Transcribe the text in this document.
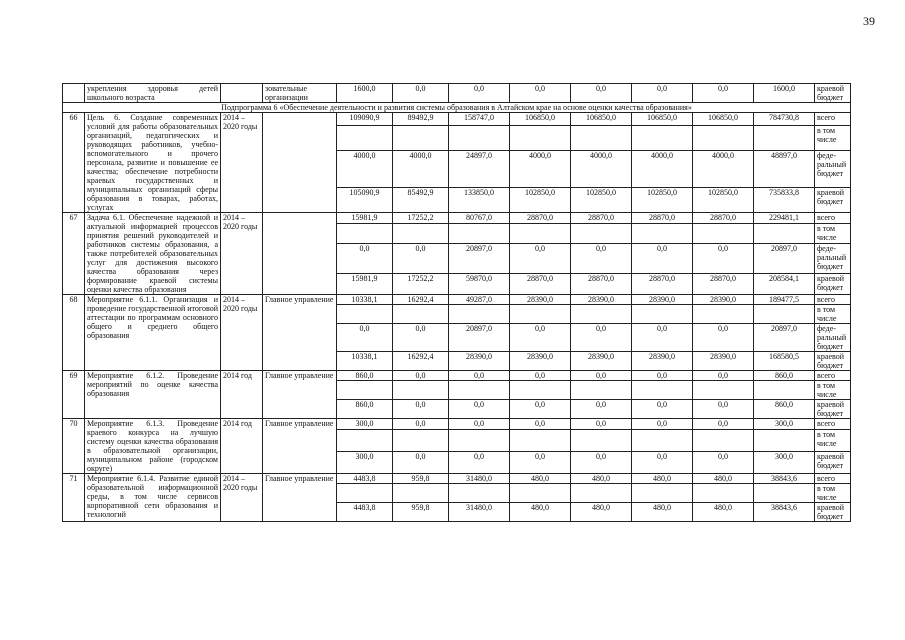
39
	укрепления здоровья детей школьного возраста		зовательные организации	1600,0	0,0	0,0	0,0	0,0	0,0	0,0	1600,0	краевой бюджет
Подпрограмма 6 «Обеспечение деятельности и развития системы образования в Алтайском крае на основе оценки качества образования»												
66	Цель 6. Создание современных условий для работы образовательных организаций, педагогических и руководящих работников, учебно-вспомогательного и прочего персонала, развитие и повышение ее качества; обеспечение потребности краевых государственных и муниципальных организаций сферы образования в товарах, работах, услугах	2014 – 2020 годы		109090,9	89492,9	158747,0	106850,0	106850,0	106850,0	106850,0	784730,8	всего
												в том числе
				4000,0	4000,0	24897,0	4000,0	4000,0	4000,0	4000,0	48897,0	феде-ральный бюджет
				105090,9	85492,9	133850,0	102850,0	102850,0	102850,0	102850,0	735833,8	краевой бюджет
67	Задача 6.1. Обеспечение надежной и актуальной информацией процессов принятия решений руководителей и работников системы образования, а также потребителей образовательных услуг для достижения высокого качества образования через формирование краевой системы оценки качества образования	2014 – 2020 годы		15981,9	17252,2	80767,0	28870,0	28870,0	28870,0	28870,0	229481,1	всего
												в том числе
				0,0	0,0	20897,0	0,0	0,0	0,0	0,0	20897,0	феде-ральный бюджет
				15981,9	17252,2	59870,0	28870,0	28870,0	28870,0	28870,0	208584,1	краевой бюджет
68	Мероприятие 6.1.1. Организация и проведение государственной итоговой аттестации по программам основного общего и среднего общего образования	2014 – 2020 годы	Главное управление	10338,1	16292,4	49287,0	28390,0	28390,0	28390,0	28390,0	189477,5	всего
												в том числе
				0,0	0,0	20897,0	0,0	0,0	0,0	0,0	20897,0	феде-ральный бюджет
				10338,1	16292,4	28390,0	28390,0	28390,0	28390,0	28390,0	168580,5	краевой бюджет
69	Мероприятие 6.1.2. Проведение мероприятий по оценке качества образования	2014 год	Главное управление	860,0	0,0	0,0	0,0	0,0	0,0	0,0	860,0	всего
												в том числе
				860,0	0,0	0,0	0,0	0,0	0,0	0,0	860,0	краевой бюджет
70	Мероприятие 6.1.3. Проведение краевого конкурса на лучшую систему оценки качества образования в образовательной организации, муниципальном районе (городском округе)	2014 год	Главное управление	300,0	0,0	0,0	0,0	0,0	0,0	0,0	300,0	всего
												в том числе
				300,0	0,0	0,0	0,0	0,0	0,0	0,0	300,0	краевой бюджет
71	Мероприятие 6.1.4. Развитие единой образовательной информационной среды, в том числе сервисов корпоративной сети образования и технологий	2014 – 2020 годы	Главное управление	4483,8	959,8	31480,0	480,0	480,0	480,0	480,0	38843,6	всего
												в том числе
				4483,8	959,8	31480,0	480,0	480,0	480,0	480,0	38843,6	краевой бюджет
